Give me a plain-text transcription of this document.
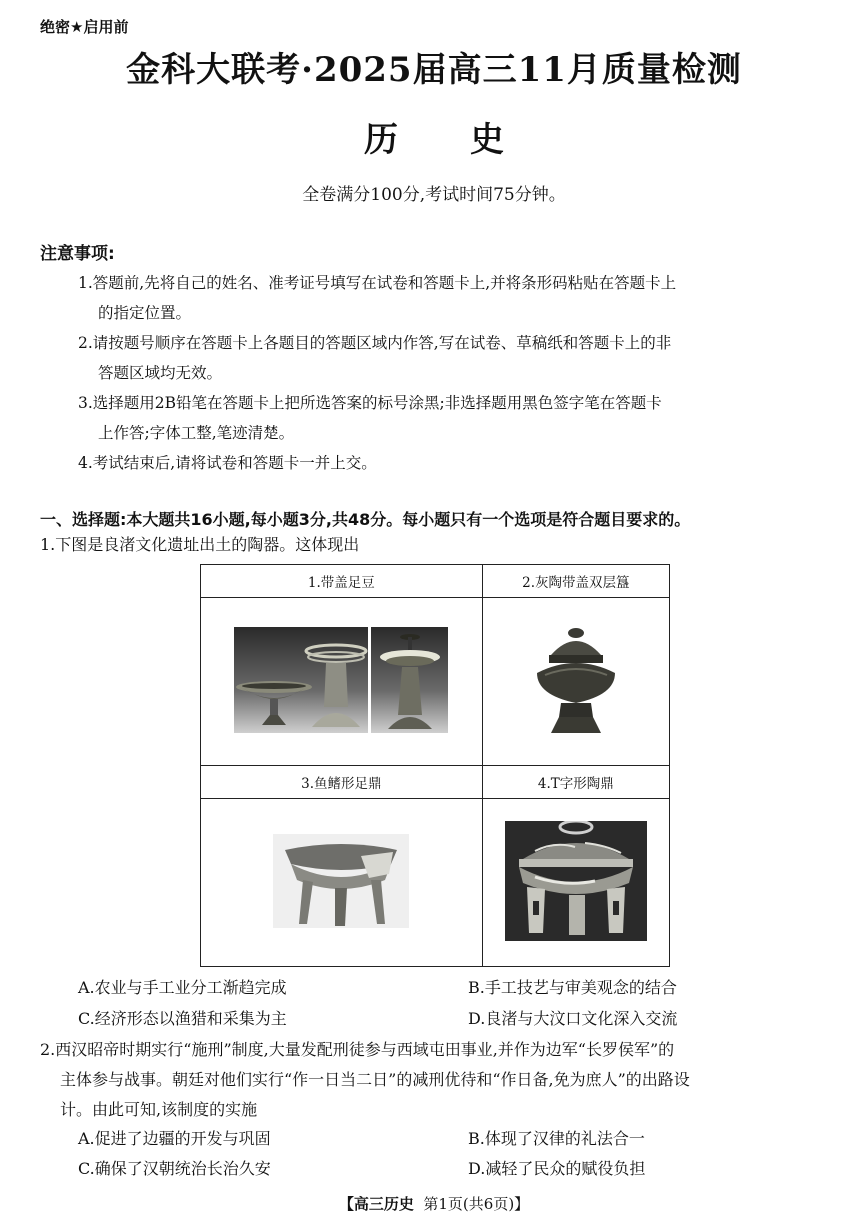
绝密★启用前
金科大联考·2025届高三11月质量检测
历史
全卷满分100分,考试时间75分钟。
注意事项:
1.答题前,先将自己的姓名、准考证号填写在试卷和答题卡上,并将条形码粘贴在答题卡上
的指定位置。
2.请按题号顺序在答题卡上各题目的答题区域内作答,写在试卷、草稿纸和答题卡上的非
答题区域均无效。
3.选择题用2B铅笔在答题卡上把所选答案的标号涂黑;非选择题用黑色签字笔在答题卡
上作答;字体工整,笔迹清楚。
4.考试结束后,请将试卷和答题卡一并上交。
一、选择题:本大题共16小题,每小题3分,共48分。每小题只有一个选项是符合题目要求的。
1.下图是良渚文化遗址出土的陶器。这体现出
1.带盖足豆	2.灰陶带盖双层簋

3.鱼鳍形足鼎	4.T字形陶鼎

A.农业与手工业分工渐趋完成	B.手工技艺与审美观念的结合
C.经济形态以渔猎和采集为主	D.良渚与大汶口文化深入交流
2.西汉昭帝时期实行“施刑”制度,大量发配刑徒参与西域屯田事业,并作为边军“长罗侯军”的
主体参与战事。朝廷对他们实行“作一日当二日”的减刑优待和“作日备,免为庶人”的出路设
计。由此可知,该制度的实施
A.促进了边疆的开发与巩固	B.体现了汉律的礼法合一
C.确保了汉朝统治长治久安	D.减轻了民众的赋役负担
【高三历史 第1页(共6页)】
